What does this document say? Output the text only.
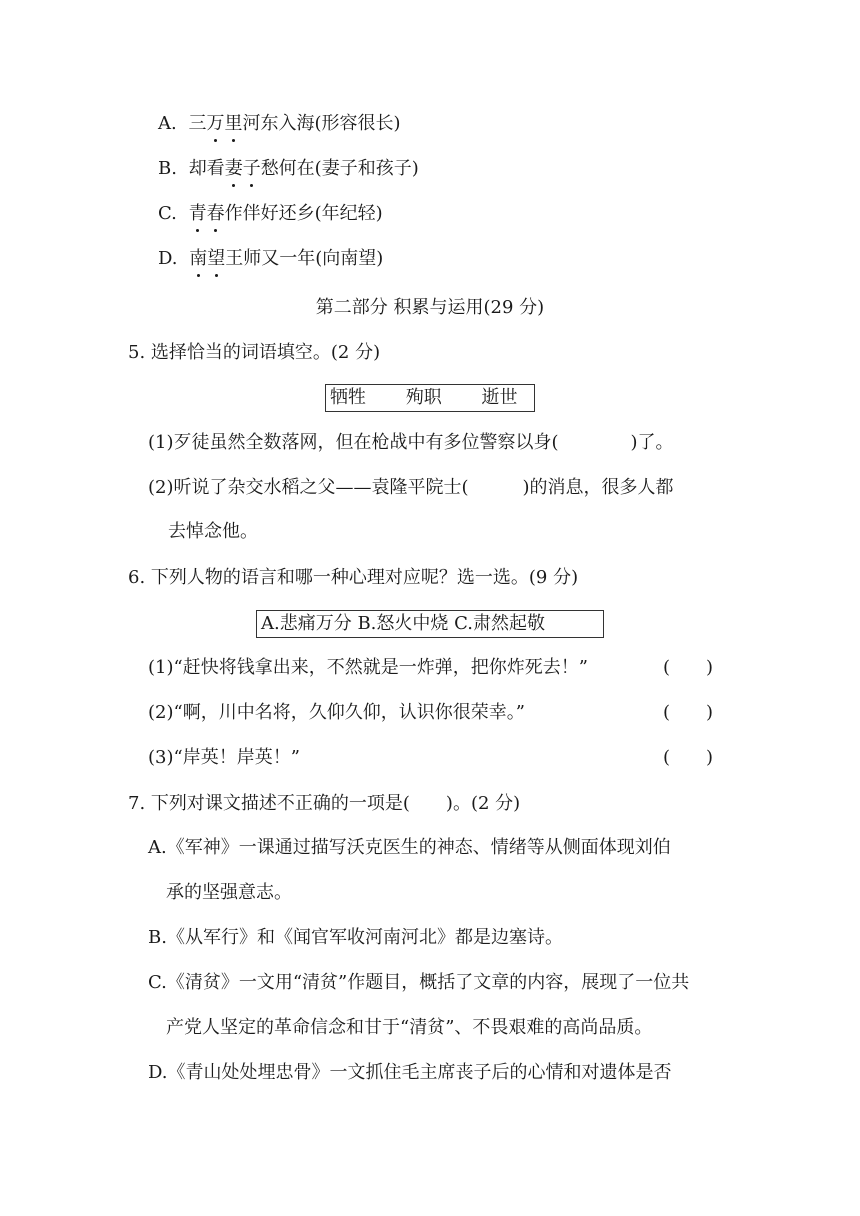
A. 三万里河东入海(形容很长)
B. 却看妻子愁何在(妻子和孩子)
C. 青春作伴好还乡(年纪轻)
D. 南望王师又一年(向南望)
第二部分 积累与运用(29 分)
5. 选择恰当的词语填空。(2 分)
牺牲 殉职 逝世
(1)歹徒虽然全数落网，但在枪战中有多位警察以身(　　　　)了。
(2)听说了杂交水稻之父——袁隆平院士(　　　)的消息，很多人都
去悼念他。
6. 下列人物的语言和哪一种心理对应呢？选一选。(9 分)
A.悲痛万分 B.怒火中烧 C.肃然起敬
(1)“赶快将钱拿出来，不然就是一炸弹，把你炸死去！”	(　　)
(2)“啊，川中名将，久仰久仰，认识你很荣幸。”	(　　)
(3)“岸英！岸英！”	(　　)
7. 下列对课文描述不正确的一项是(　　)。(2 分)
A.《军神》一课通过描写沃克医生的神态、情绪等从侧面体现刘伯
承的坚强意志。
B.《从军行》和《闻官军收河南河北》都是边塞诗。
C.《清贫》一文用“清贫”作题目，概括了文章的内容，展现了一位共
产党人坚定的革命信念和甘于“清贫”、不畏艰难的高尚品质。
D.《青山处处埋忠骨》一文抓住毛主席丧子后的心情和对遗体是否
